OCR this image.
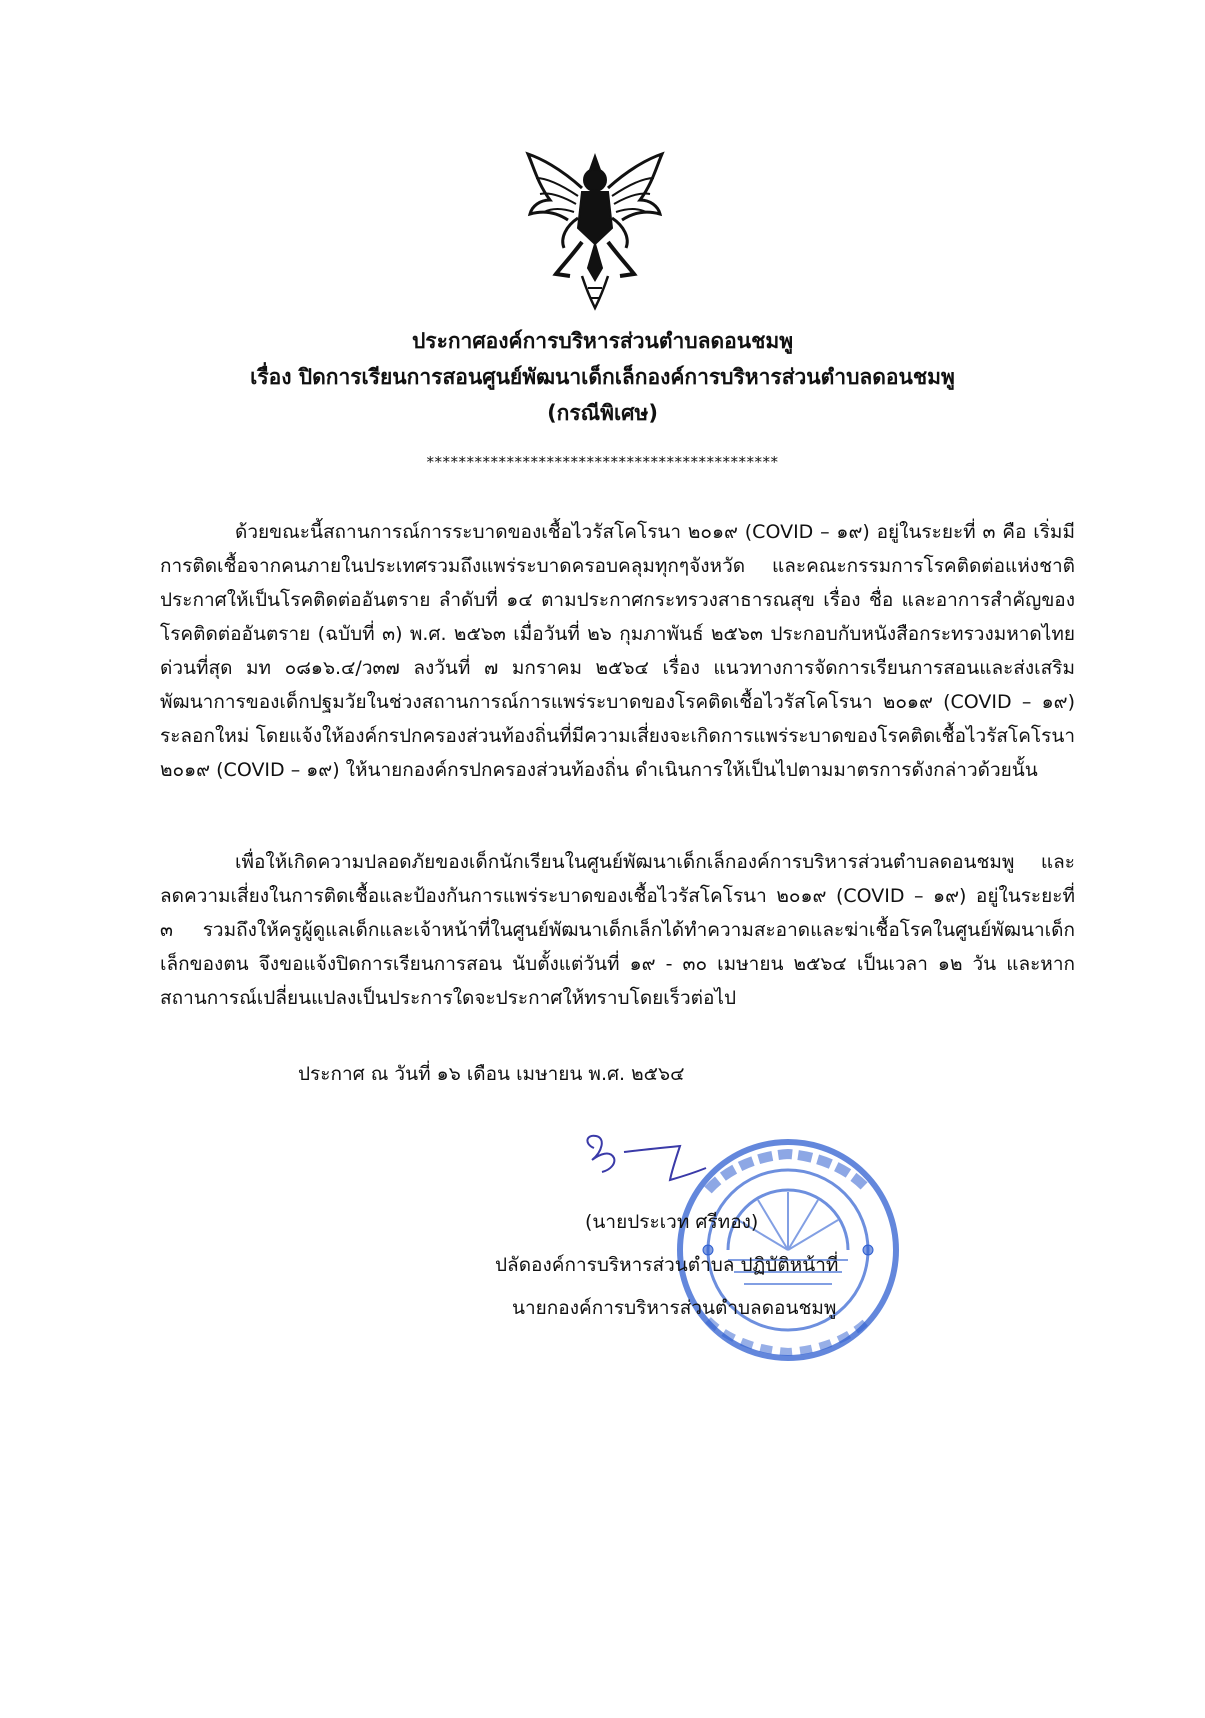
ประกาศองค์การบริหารส่วนตำบลดอนชมพู
เรื่อง ปิดการเรียนการสอนศูนย์พัฒนาเด็กเล็กองค์การบริหารส่วนตำบลดอนชมพู
(กรณีพิเศษ)
********************************************

ด้วยขณะนี้สถานการณ์การระบาดของเชื้อไวรัสโคโรนา ๒๐๑๙ (COVID – ๑๙) อยู่ในระยะที่ ๓ คือ เริ่มมีการติดเชื้อจากคนภายในประเทศรวมถึงแพร่ระบาดครอบคลุมทุกๆจังหวัด และคณะกรรมการโรคติดต่อแห่งชาติประกาศให้เป็นโรคติดต่ออันตราย ลำดับที่ ๑๔ ตามประกาศกระทรวงสาธารณสุข เรื่อง ชื่อ และอาการสำคัญของโรคติดต่ออันตราย (ฉบับที่ ๓) พ.ศ. ๒๕๖๓ เมื่อวันที่ ๒๖ กุมภาพันธ์ ๒๕๖๓ ประกอบกับหนังสือกระทรวงมหาดไทย ด่วนที่สุด มท ๐๘๑๖.๔/ว๓๗ ลงวันที่ ๗ มกราคม ๒๕๖๔ เรื่อง แนวทางการจัดการเรียนการสอนและส่งเสริมพัฒนาการของเด็กปฐมวัยในช่วงสถานการณ์การแพร่ระบาดของโรคติดเชื้อไวรัสโคโรนา ๒๐๑๙ (COVID – ๑๙) ระลอกใหม่ โดยแจ้งให้องค์กรปกครองส่วนท้องถิ่นที่มีความเสี่ยงจะเกิดการแพร่ระบาดของโรคติดเชื้อไวรัสโคโรนา ๒๐๑๙ (COVID – ๑๙) ให้นายกองค์กรปกครองส่วนท้องถิ่น ดำเนินการให้เป็นไปตามมาตรการดังกล่าวด้วยนั้น

เพื่อให้เกิดความปลอดภัยของเด็กนักเรียนในศูนย์พัฒนาเด็กเล็กองค์การบริหารส่วนตำบลดอนชมพู และลดความเสี่ยงในการติดเชื้อและป้องกันการแพร่ระบาดของเชื้อไวรัสโคโรนา ๒๐๑๙ (COVID – ๑๙) อยู่ในระยะที่ ๓ รวมถึงให้ครูผู้ดูแลเด็กและเจ้าหน้าที่ในศูนย์พัฒนาเด็กเล็กได้ทำความสะอาดและฆ่าเชื้อโรคในศูนย์พัฒนาเด็กเล็กของตน จึงขอแจ้งปิดการเรียนการสอน นับตั้งแต่วันที่ ๑๙ - ๓๐ เมษายน ๒๕๖๔ เป็นเวลา ๑๒ วัน และหากสถานการณ์เปลี่ยนแปลงเป็นประการใดจะประกาศให้ทราบโดยเร็วต่อไป

ประกาศ ณ วันที่ ๑๖ เดือน เมษายน พ.ศ. ๒๕๖๔
(นายประเวท ศรีทอง)
ปลัดองค์การบริหารส่วนตำบล ปฏิบัติหน้าที่
นายกองค์การบริหารส่วนตำบลดอนชมพู
